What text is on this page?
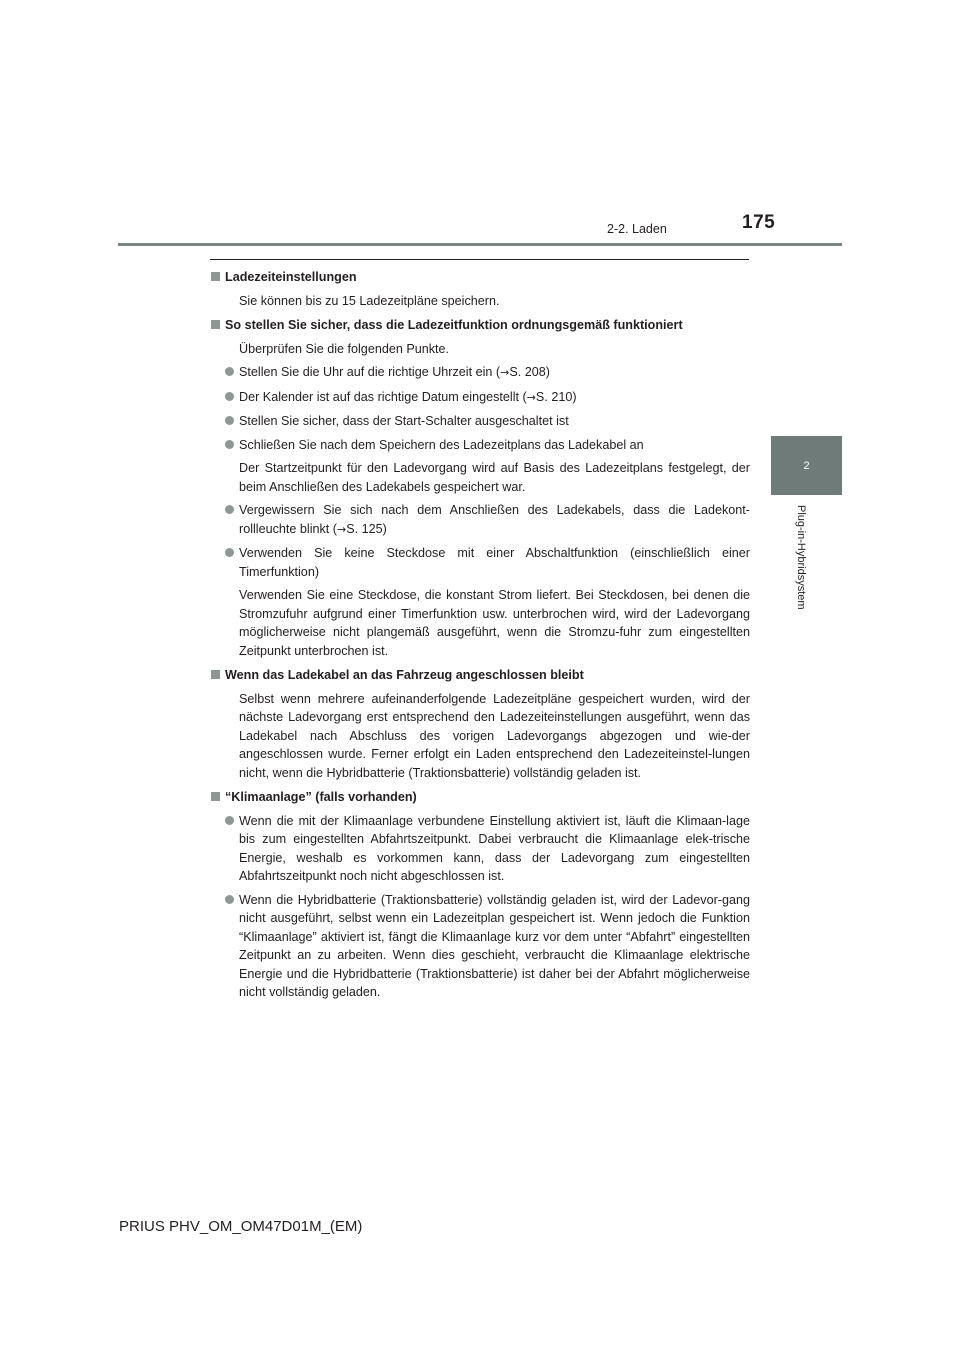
175
2-2. Laden
2
Plug-in-Hybridsystem
Ladezeiteinstellungen
Sie können bis zu 15 Ladezeitpläne speichern.
So stellen Sie sicher, dass die Ladezeitfunktion ordnungsgemäß funktioniert
Überprüfen Sie die folgenden Punkte.
Stellen Sie die Uhr auf die richtige Uhrzeit ein (→S. 208)
Der Kalender ist auf das richtige Datum eingestellt (→S. 210)
Stellen Sie sicher, dass der Start-Schalter ausgeschaltet ist
Schließen Sie nach dem Speichern des Ladezeitplans das Ladekabel an
Der Startzeitpunkt für den Ladevorgang wird auf Basis des Ladezeitplans festgelegt, der beim Anschließen des Ladekabels gespeichert war.
Vergewissern Sie sich nach dem Anschließen des Ladekabels, dass die Ladekont-rollleuchte blinkt (→S. 125)
Verwenden Sie keine Steckdose mit einer Abschaltfunktion (einschließlich einer Timerfunktion)
Verwenden Sie eine Steckdose, die konstant Strom liefert. Bei Steckdosen, bei denen die Stromzufuhr aufgrund einer Timerfunktion usw. unterbrochen wird, wird der Ladevorgang möglicherweise nicht plangemäß ausgeführt, wenn die Stromzu-fuhr zum eingestellten Zeitpunkt unterbrochen ist.
Wenn das Ladekabel an das Fahrzeug angeschlossen bleibt
Selbst wenn mehrere aufeinanderfolgende Ladezeitpläne gespeichert wurden, wird der nächste Ladevorgang erst entsprechend den Ladezeiteinstellungen ausgeführt, wenn das Ladekabel nach Abschluss des vorigen Ladevorgangs abgezogen und wie-der angeschlossen wurde. Ferner erfolgt ein Laden entsprechend den Ladezeiteinstel-lungen nicht, wenn die Hybridbatterie (Traktionsbatterie) vollständig geladen ist.
“Klimaanlage” (falls vorhanden)
Wenn die mit der Klimaanlage verbundene Einstellung aktiviert ist, läuft die Klimaan-lage bis zum eingestellten Abfahrtszeitpunkt. Dabei verbraucht die Klimaanlage elek-trische Energie, weshalb es vorkommen kann, dass der Ladevorgang zum eingestellten Abfahrtszeitpunkt noch nicht abgeschlossen ist.
Wenn die Hybridbatterie (Traktionsbatterie) vollständig geladen ist, wird der Ladevor-gang nicht ausgeführt, selbst wenn ein Ladezeitplan gespeichert ist. Wenn jedoch die Funktion “Klimaanlage” aktiviert ist, fängt die Klimaanlage kurz vor dem unter “Abfahrt” eingestellten Zeitpunkt an zu arbeiten. Wenn dies geschieht, verbraucht die Klimaanlage elektrische Energie und die Hybridbatterie (Traktionsbatterie) ist daher bei der Abfahrt möglicherweise nicht vollständig geladen.
PRIUS PHV_OM_OM47D01M_(EM)
